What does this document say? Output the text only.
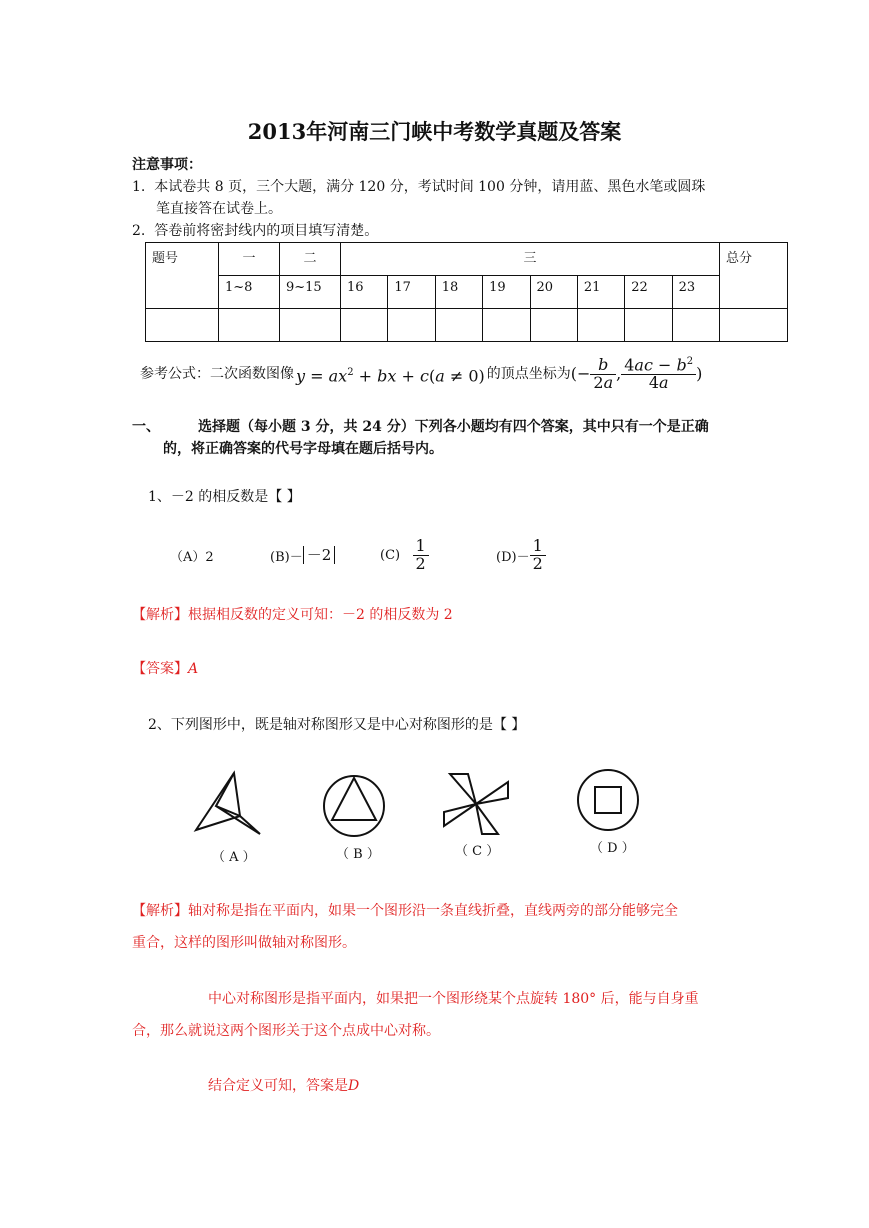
2013年河南三门峡中考数学真题及答案
注意事项：
1. 本试卷共 8 页，三个大题，满分 120 分，考试时间 100 分钟，请用蓝、黑色水笔或圆珠
笔直接答在试卷上。
2. 答卷前将密封线内的项目填写清楚。
题号	一	二	三								总分
	1~8	9~15	16	17	18	19	20	21	22	23	

参考公式：二次函数图像 $y = ax^2$ + bx + c(a ≠ 0) 的顶点坐标为 (− $\frac{b}{2a}$ , $\frac{4ac - b^2}{4a}$ )
一、	选择题（每小题 3 分，共 24 分）下列各小题均有四个答案，其中只有一个是正确
的，将正确答案的代号字母填在题后括号内。
1、－2 的相反数是【 】
（A）2	(B)－ －2	(C)
$\frac{1}{2}$	$(D)- \frac{1}{2}$
【解析】根据相反数的定义可知：－2 的相反数为 2
【答案】A
2、下列图形中，既是轴对称图形又是中心对称图形的是【 】
（ A ）	（ B ）	（ C ）	（ D ）
【解析】轴对称是指在平面内，如果一个图形沿一条直线折叠，直线两旁的部分能够完全
重合，这样的图形叫做轴对称图形。
中心对称图形是指平面内，如果把一个图形绕某个点旋转 180° 后，能与自身重
合，那么就说这两个图形关于这个点成中心对称。
结合定义可知，答案是D
